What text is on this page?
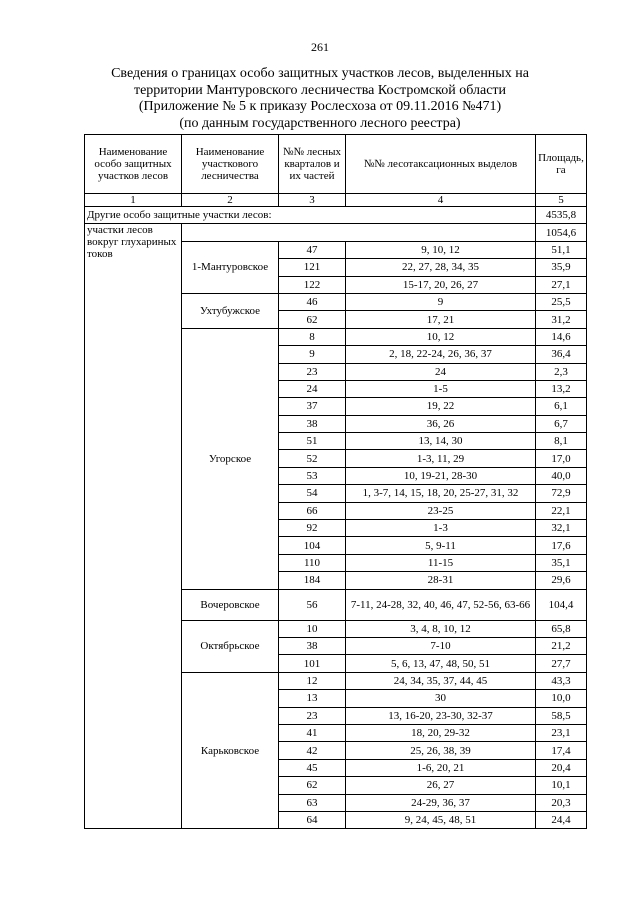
261
Сведения о границах особо защитных участков лесов, выделенных на
территории Мантуровского лесничества Костромской области
(Приложение № 5 к приказу Рослесхоза от 09.11.2016 №471)
(по данным государственного лесного реестра)
Наименование особо защитных участков лесов	Наименование участкового лесничества	№№ лесных кварталов и их частей	№№ лесотаксационных выделов	Площадь, га
1	2	3	4	5
Другие особо защитные участки лесов:				4535,8
участки лесов вокруг глухариных токов				1054,6
	1-Мантуровское	47	9, 10, 12	51,1
		121	22, 27, 28, 34, 35	35,9
		122	15-17, 20, 26, 27	27,1
	Ухтубужское	46	9	25,5
		62	17, 21	31,2
	Угорское	8	10, 12	14,6
		9	2, 18, 22-24, 26, 36, 37	36,4
		23	24	2,3
		24	1-5	13,2
		37	19, 22	6,1
		38	36, 26	6,7
		51	13, 14, 30	8,1
		52	1-3, 11, 29	17,0
		53	10, 19-21, 28-30	40,0
		54	1, 3-7, 14, 15, 18, 20, 25-27, 31, 32	72,9
		66	23-25	22,1
		92	1-3	32,1
		104	5, 9-11	17,6
		110	11-15	35,1
		184	28-31	29,6
	Вочеровское	56	7-11, 24-28, 32, 40, 46, 47, 52-56, 63-66	104,4
	Октябрьское	10	3, 4, 8, 10, 12	65,8
		38	7-10	21,2
		101	5, 6, 13, 47, 48, 50, 51	27,7
	Карьковское	12	24, 34, 35, 37, 44, 45	43,3
		13	30	10,0
		23	13, 16-20, 23-30, 32-37	58,5
		41	18, 20, 29-32	23,1
		42	25, 26, 38, 39	17,4
		45	1-6, 20, 21	20,4
		62	26, 27	10,1
		63	24-29, 36, 37	20,3
		64	9, 24, 45, 48, 51	24,4
